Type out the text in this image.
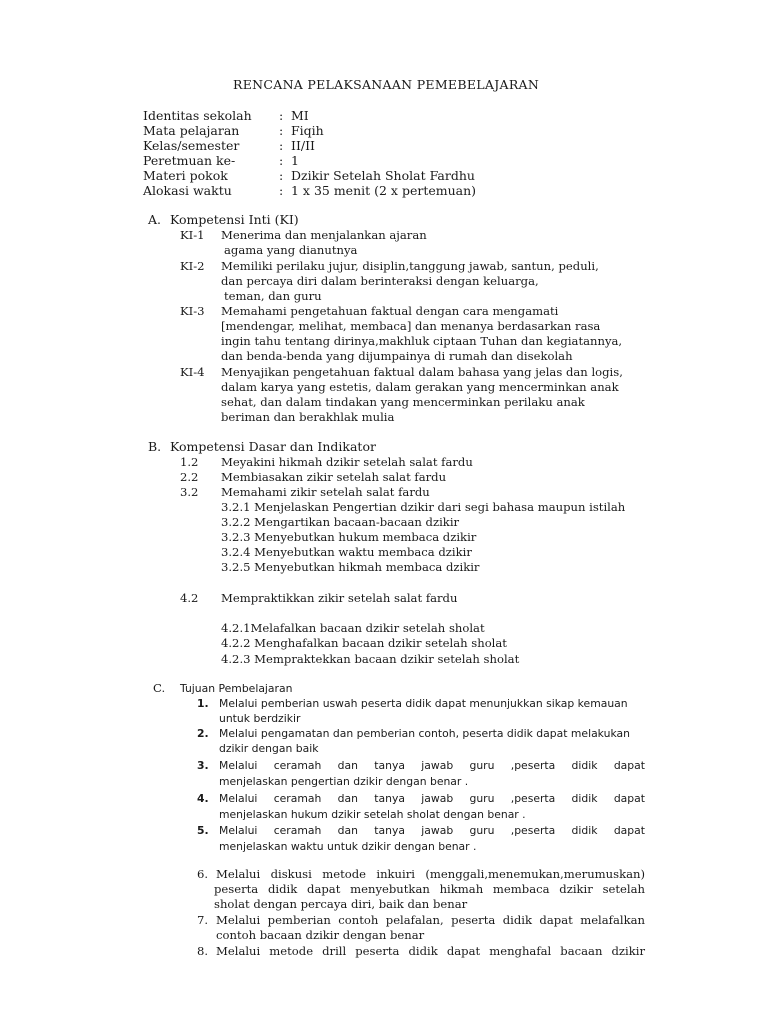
RENCANA PELAKSANAAN PEMEBELAJARAN
Identitas sekolah : MI
Mata pelajaran	: Fiqih
Kelas/semester	: II/II
Peretmuan ke-	: 1
Materi pokok	: Dzikir Setelah Sholat Fardhu
Alokasi waktu	: 1 x 35 menit (2 x pertemuan)
A. Kompetensi Inti (KI)
KI-1 Menerima dan menjalankan ajaran
agama yang dianutnya
KI-2 Memiliki perilaku jujur, disiplin,tanggung jawab, santun, peduli,
dan percaya diri dalam berinteraksi dengan keluarga,
teman, dan guru
KI-3 Memahami pengetahuan faktual dengan cara mengamati
[mendengar, melihat, membaca] dan menanya berdasarkan rasa
ingin tahu tentang dirinya,makhluk ciptaan Tuhan dan kegiatannya,
dan benda-benda yang dijumpainya di rumah dan disekolah
KI-4 Menyajikan pengetahuan faktual dalam bahasa yang jelas dan logis,
dalam karya yang estetis, dalam gerakan yang mencerminkan anak
sehat, dan dalam tindakan yang mencerminkan perilaku anak
beriman dan berakhlak mulia
B. Kompetensi Dasar dan Indikator
1.2 Meyakini hikmah dzikir setelah salat fardu
2.2 Membiasakan zikir setelah salat fardu
3.2 Memahami zikir setelah salat fardu
3.2.1 Menjelaskan Pengertian dzikir dari segi bahasa maupun istilah
3.2.2 Mengartikan bacaan-bacaan dzikir
3.2.3 Menyebutkan hukum membaca dzikir
3.2.4 Menyebutkan waktu membaca dzikir
3.2.5 Menyebutkan hikmah membaca dzikir
4.2 Mempraktikkan zikir setelah salat fardu
4.2.1Melafalkan bacaan dzikir setelah sholat
4.2.2 Menghafalkan bacaan dzikir setelah sholat
4.2.3 Mempraktekkan bacaan dzikir setelah sholat
C. Tujuan Pembelajaran
1. Melalui pemberian uswah peserta didik dapat menunjukkan sikap kemauan
untuk berdzikir
2. Melalui pengamatan dan pemberian contoh, peserta didik dapat melakukan
dzikir dengan baik
3. Melalui ceramah dan tanya jawab guru ,peserta didik dapat
menjelaskan pengertian dzikir dengan benar .
4. Melalui ceramah dan tanya jawab guru ,peserta didik dapat
menjelaskan hukum dzikir setelah sholat dengan benar .
5. Melalui ceramah dan tanya jawab guru ,peserta didik dapat
menjelaskan waktu untuk dzikir dengan benar .
6. Melalui diskusi metode inkuiri (menggali,menemukan,merumuskan)
peserta didik dapat menyebutkan hikmah membaca dzikir setelah
sholat dengan percaya diri, baik dan benar
7. Melalui pemberian contoh pelafalan, peserta didik dapat melafalkan
contoh bacaan dzikir dengan benar
8. Melalui metode drill peserta didik dapat menghafal bacaan dzikir
